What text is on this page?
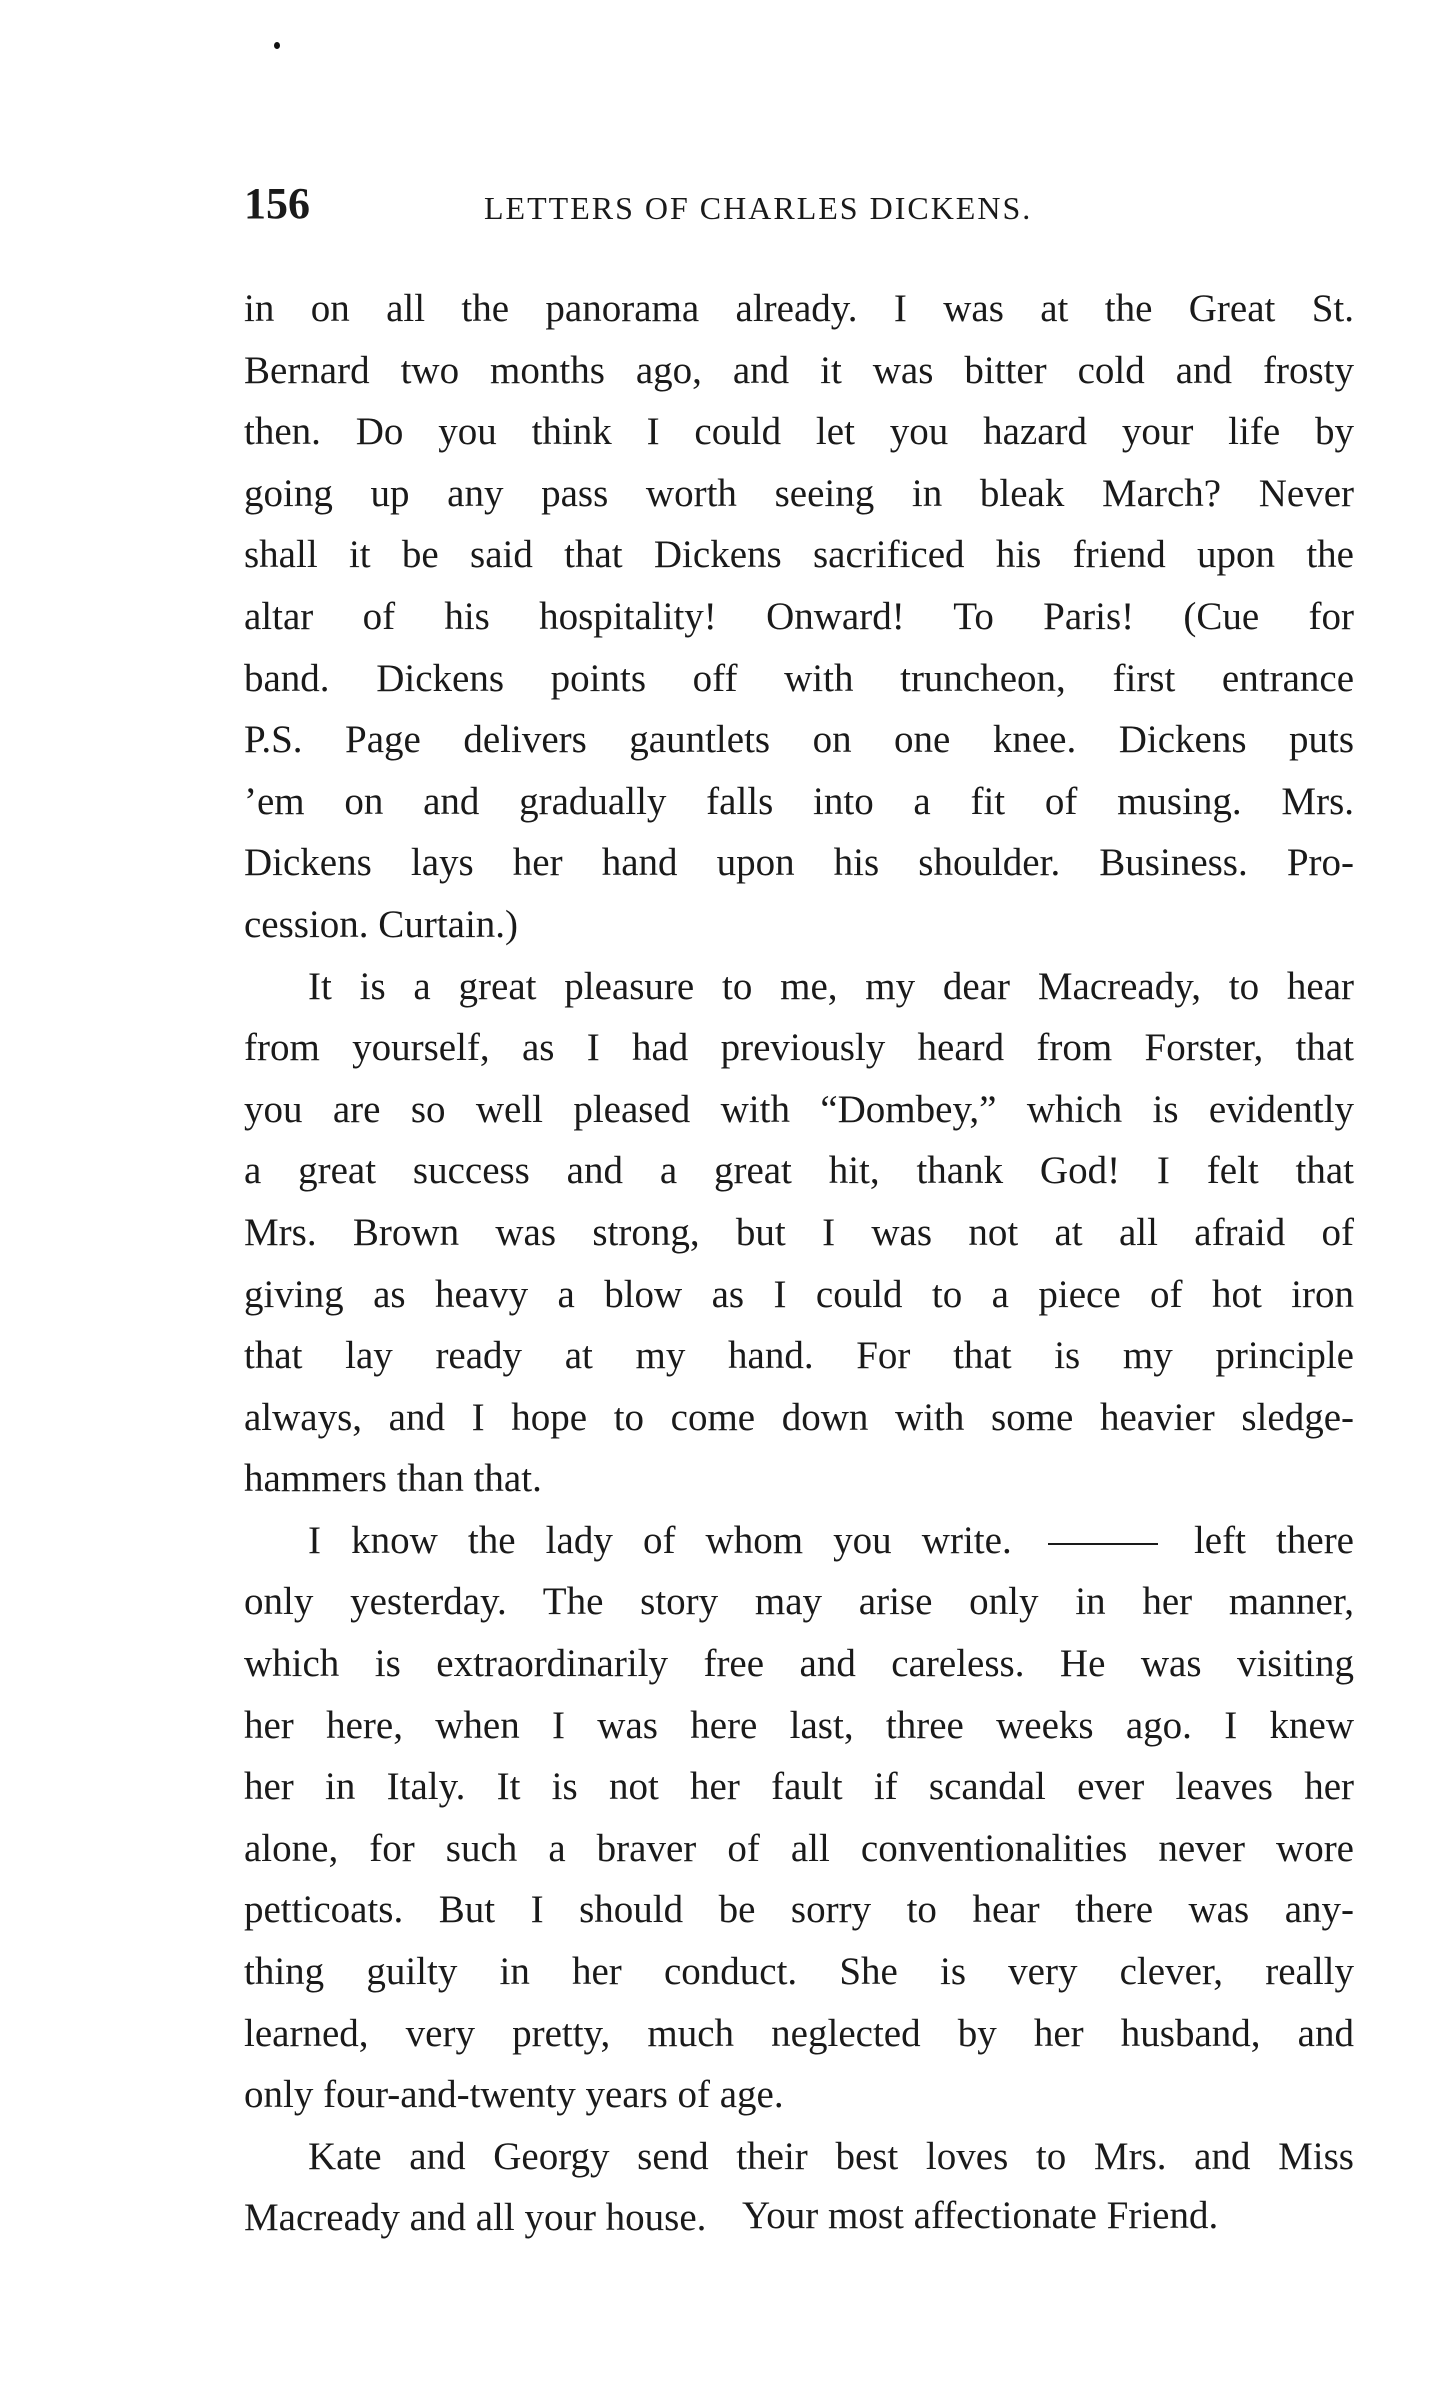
156	LETTERS OF CHARLES DICKENS.

in on all the panorama already. I was at the Great St.
Bernard two months ago, and it was bitter cold and frosty
then. Do you think I could let you hazard your life by
going up any pass worth seeing in bleak March? Never
shall it be said that Dickens sacrificed his friend upon the
altar of his hospitality! Onward! To Paris! (Cue for
band. Dickens points off with truncheon, first entrance
P.S. Page delivers gauntlets on one knee. Dickens puts
’em on and gradually falls into a fit of musing. Mrs.
Dickens lays her hand upon his shoulder. Business. Pro-
cession. Curtain.)

It is a great pleasure to me, my dear Macready, to hear
from yourself, as I had previously heard from Forster, that
you are so well pleased with “Dombey,” which is evidently
a great success and a great hit, thank God! I felt that
Mrs. Brown was strong, but I was not at all afraid of
giving as heavy a blow as I could to a piece of hot iron
that lay ready at my hand. For that is my principle
always, and I hope to come down with some heavier sledge-
hammers than that.

I know the lady of whom you write.	left there
only yesterday. The story may arise only in her manner,
which is extraordinarily free and careless. He was visiting
her here, when I was here last, three weeks ago. I knew
her in Italy. It is not her fault if scandal ever leaves her
alone, for such a braver of all conventionalities never wore
petticoats. But I should be sorry to hear there was any-
thing guilty in her conduct. She is very clever, really
learned, very pretty, much neglected by her husband, and
only four-and-twenty years of age.

Kate and Georgy send their best loves to Mrs. and Miss
Macready and all your house. Your most affectionate Friend.
